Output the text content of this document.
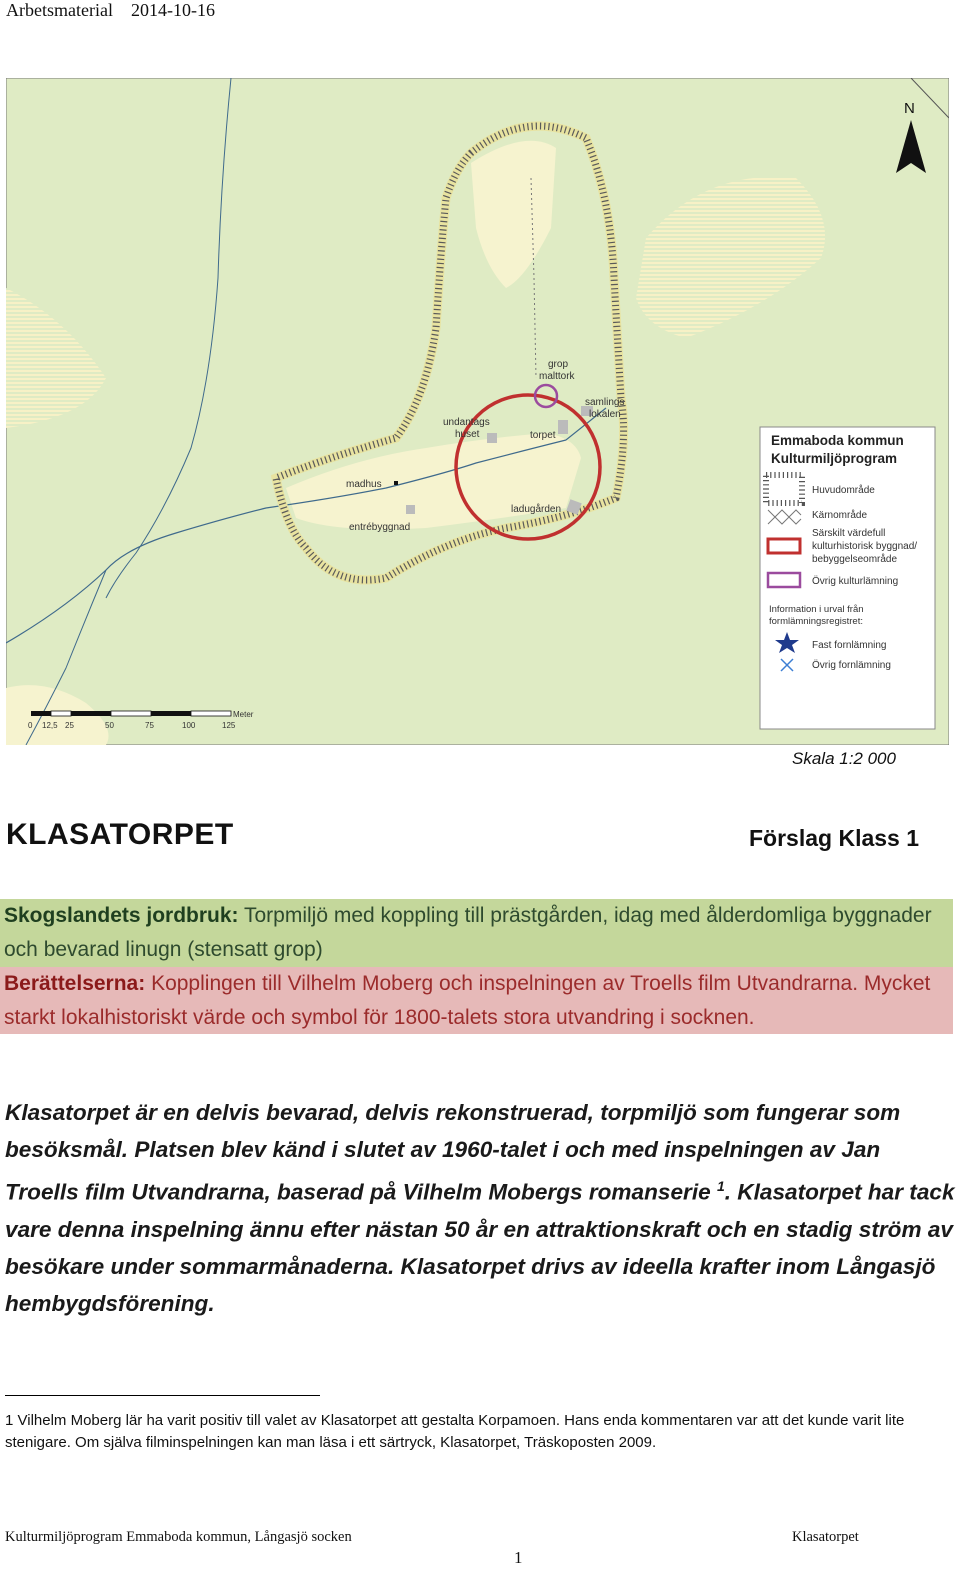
Arbetsmaterial 2014-10-16
grop
malttork
samlings
lokalen
undantags
huset	torpet
madhus
entrébyggnad
ladugården
N
Meter
0 12,5 25	50	75	100	125
Emmaboda kommun
Kulturmiljöprogram
Huvudområde
Kärnområde
Särskilt värdefull
kulturhistorisk byggnad/
bebyggelseområde
Övrig kulturlämning
Information i urval från
formlämningsregistret:
Fast fornlämning
Övrig fornlämning
Skala 1:2 000
KLASATORPET	Förslag Klass 1
Skogslandets jordbruk: Torpmiljö med koppling till prästgården, idag med ålderdomliga byggnader och bevarad linugn (stensatt grop)
Berättelserna: Kopplingen till Vilhelm Moberg och inspelningen av Troells film Utvandrarna. Mycket starkt lokalhistoriskt värde och symbol för 1800-talets stora utvandring i socknen.
Klasatorpet är en delvis bevarad, delvis rekonstruerad, torpmiljö som fungerar som besöksmål. Platsen blev känd i slutet av 1960-talet i och med inspelningen av Jan Troells film Utvandrarna, baserad på Vilhelm Mobergs romanserie $^1$. Klasatorpet har tack vare denna inspelning ännu efter nästan 50 år en attraktionskraft och en stadig ström av besökare under sommarmånaderna. Klasatorpet drivs av ideella krafter inom Långasjö hembygdsförening.
1 Vilhelm Moberg lär ha varit positiv till valet av Klasatorpet att gestalta Korpamoen. Hans enda kommentaren var att det kunde varit lite stenigare. Om själva filminspelningen kan man läsa i ett särtryck, Klasatorpet, Träskoposten 2009.
Kulturmiljöprogram Emmaboda kommun, Långasjö socken	Klasatorpet
1
